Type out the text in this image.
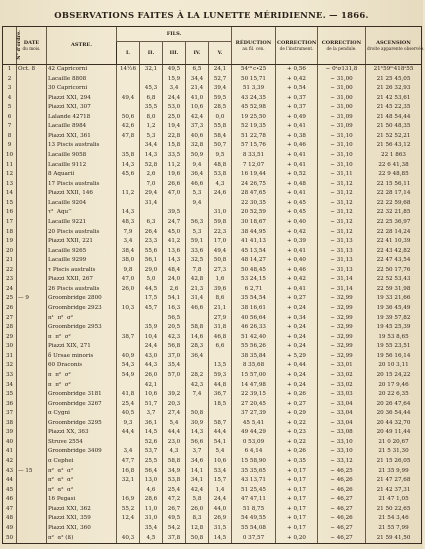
OBSERVATIONS FAITES À LA LUNETTE MÉRIDIENNE. — 1866.
N° d'ordre.	DATE
du mois.	ASTRE.	FILS.					RÉDUCTION
au fil. cen.	CORRECTION
de l'instrument.	CORRECTION
de la pendule.	ASCENSION
droite apparente observée.

			I.	II.	III.	IV.	V.				
1	Oct. 8	42 Capricorni	14½6	32,1	49,5	6,5	24,1	54ˢ⁰ c∙25	+ 0,56	− 0ˢσ131,8	21ʰ59ᵐ418ˢ55
2		Lacaille 8808			15,9	34,4	52,7	50 15,71	+ 0,42	− 31,00	21 25 45,05
3		30 Capricorni		45,3	3,4	21,4	39,4	51 3,39	+ 0,54	− 31,00	21 26 32,93
4		Piazzi XXI, 294	49,4	6,8	24,4	41,0	59,5	43 24,35	+ 0,37	− 31,00	21 42 53,61
5		Piazzi XXI, 307		35,5	53,0	10,6	28,5	45 52,98	+ 0,37	− 31,00	21 45 22,35
6		Lalande 42718	50,6	8,0	25,0	42,4	0,0	19 25,50	+ 0,49	− 31,09	21 48 54,44
7		Lacaille 8984	42,6	1,2	19,4	37,3	55,8	52 19,35	+ 0,41	− 31,09	21 50 48,35
8		Piazzi XXI, 361	47,8	5,3	22,8	40,6	58,4	51 22,78	+ 0,38	− 31,10	21 52 52,21
9		13 Piscis australis		34,4	15,8	32,8	50,7	57 15,76	+ 0,46	− 31,10	21 56 43,12
10		Lacaille 9058	35,8	14,3	33,5	50,9	9,5	8 33,51	+ 0,41	− 31,10	22 1 863
11		Lacaille 9112	14,3	52,8	11,2	9,4	48,8	7 12,07	+ 0,41	− 31,10	22 6 41,38
12		8 Aquarii	45,6	2,6	19,6	36,4	53,8	16 19,44	+ 0,52	− 31,11	22 9 48,85
13		17 Piscis australis		7,0	26,6	46,6	4,3	24 26,75	+ 0,48	− 31,12	22 15 56,11
14		Piazzi XXII, 146	11,2	29,4	47,0	5,3	24,6	28 47,65	+ 0,41	− 31,12	22 28 17,14
15		Lacaille 9204		31,4		9,4		22 30,35	+ 0,45	− 31,12	22 22 59,68
16		τ²  Aqu’’	14,3		39,5		31,0	20 52,59	+ 0,45	− 31,12	22 32 21,85
17		Lacaille 9221	48,3	6,3	24,7	56,3	59,8	30 18,67	+ 0,40	− 31,12	22 25 36,97
18		20 Piscis australis	7,9	26,4	45,0	5,3	22,3	38 44,95	+ 0,42	− 31,12	22 28 14,24
19		Piazzi XXII, 221	3,4	23,3	41,2	59,1	17,0	41 41,13	+ 0,39	− 31,13	22 41 10,39
20		Lacaille 9265	38,4	55,6	13,6	33,6	49,4	45 13,54	+ 0,41	− 31,13	22 43 42,82
21		Lacaille 9299	38,0	56,1	14,3	32,5	50,8	48 14,27	+ 0,40	− 31,13	22 47 43,54
22		τ Piscis australis	9,8	29,0	48,4	7,8	27,3	50 48,45	+ 0,46	− 31,13	22 50 17,76
23		Piazzi XXII, 267	47,0	5,0	24,0	42,8	1,6	53 24,15	+ 0,42	− 31,14	22 52 53,43
24		26 Piscis australis	26,0	44,5	2,6	21,3	39,6	6 2,71	+ 0,41	− 31,14	22 59 31,98
25	— 9	Groombridge 2800		17,5	54,1	31,4	8,6	35 54,54	+ 0,27	− 32,99	19 33 21,66
26		Groombridge 2923	10,3	45,7	16,3	46,6	21,1	38 16,61	+ 0,24	− 32,99	19 36 45,49
27		π¹  π²  σ²			56,5		27,9	40 56,64	+ 0,34	− 32,99	19 39 57,82
28		Groombridge 2953		35,9	20,5	58,8	31,8	46 26,33	+ 0,24	− 32,99	19 45 25,39
29		π  π²  σ²	38,7	10,4	42,3	14,6	46,8	51 42,40	+ 0,24	− 32,99	19 53 8,65
30		Piazzi XIX, 271		24,4	56,8	28,3	6,6	55 56,26	+ 0,24	− 32,99	19 55 23,51
31		δ Ursae minoris	40,9	43,0	37,0	36,4		38 35,84	+ 5,29	− 32,99	19 56 16,14
32		60 Draconis	54,3	44,3	35,4		13,5	8 35,68	+ 0,44	− 33,01	20 10 3,11
33		π  π²  σ²	54,9	26,0	57,0	28,2	59,3	15 57,00	+ 0,24	− 33,02	20 15 24,22
34		π  π²  σ²		42,1		42,3	44,8	14 47,98	+ 0,24	− 33,02	20 17 9,46
35		Groombridge 3181	41,8	10,6	39,2	7,4	36,7	22 39,15	+ 0,26	− 33,03	20 22 6,35
36		Groombridge 3267	25,4	51,7	20,3		18,5	27 20,45	+ 0,27	− 33,04	20 26 47,64
37		α Cygni	40,5	3,7	27,4	50,8		37 27,39	+ 0,29	− 33,04	20 36 54,44
38		Groombridge 3295	9,3	36,1	5,4	30,9	58,7	45 5,41	+ 0,22	− 33,04	20 44 32,70
39		Piazzi XX, 363	44,4	14,5	44,4	14,3	44,4	49 44,29	+ 0,23	− 33,08	20 49 11,44
40		Struve 2554		52,6	23,0	56,6	54,1	0 53,09	+ 0,22	− 33,10	21 0 20,67
41		Groombridge 3409	3,4	53,7	4,3	3,7	5,4	6 4,14	+ 0,26	− 33,10	21 5 31,30
42		α Cephei	47,7	25,5	58,8	34,6	10,6	15 58,90	+ 0,35	− 33,12	21 15 26,05
43	— 15	π²  α²  α²	16,8	56,4	34,9	14,1	53,4	35 35,65	+ 0,17	− 46,25	21 35 9,99
44		π²  α²  α²	32,1	13,0	53,8	34,1	15,7	43 13,71	+ 0,17	− 46,26	21 47 27,68
45		π²  α²  α²		4,6	25,4	42,4	1,4	51 25,45	+ 0,17	− 46,26	21 42 37,31
46		16 Pegasi	16,9	28,6	47,2	5,8	24,4	47 47,11	+ 0,17	− 46,27	21 47 1,05
47		Piazzi XXI, 362	55,2	11,0	26,7	26,0	44,0	51 8,75	+ 0,17	− 46,27	21 50 22,65
48		Piazzi XXI, 359	12,4	31,0	49,5	8,3	26,9	54 49,55	+ 0,17	− 46,26	21 54 3,46
49		Piazzi XXI, 360		35,4	54,2	12,8	31,5	55 54,08	+ 0,17	− 46,27	21 55 7,99
50		π²  α² (ß)	40,3	4,5	37,8	50,8	14,5	0 37,57	+ 0,20	− 46,27	21 59 41,50
